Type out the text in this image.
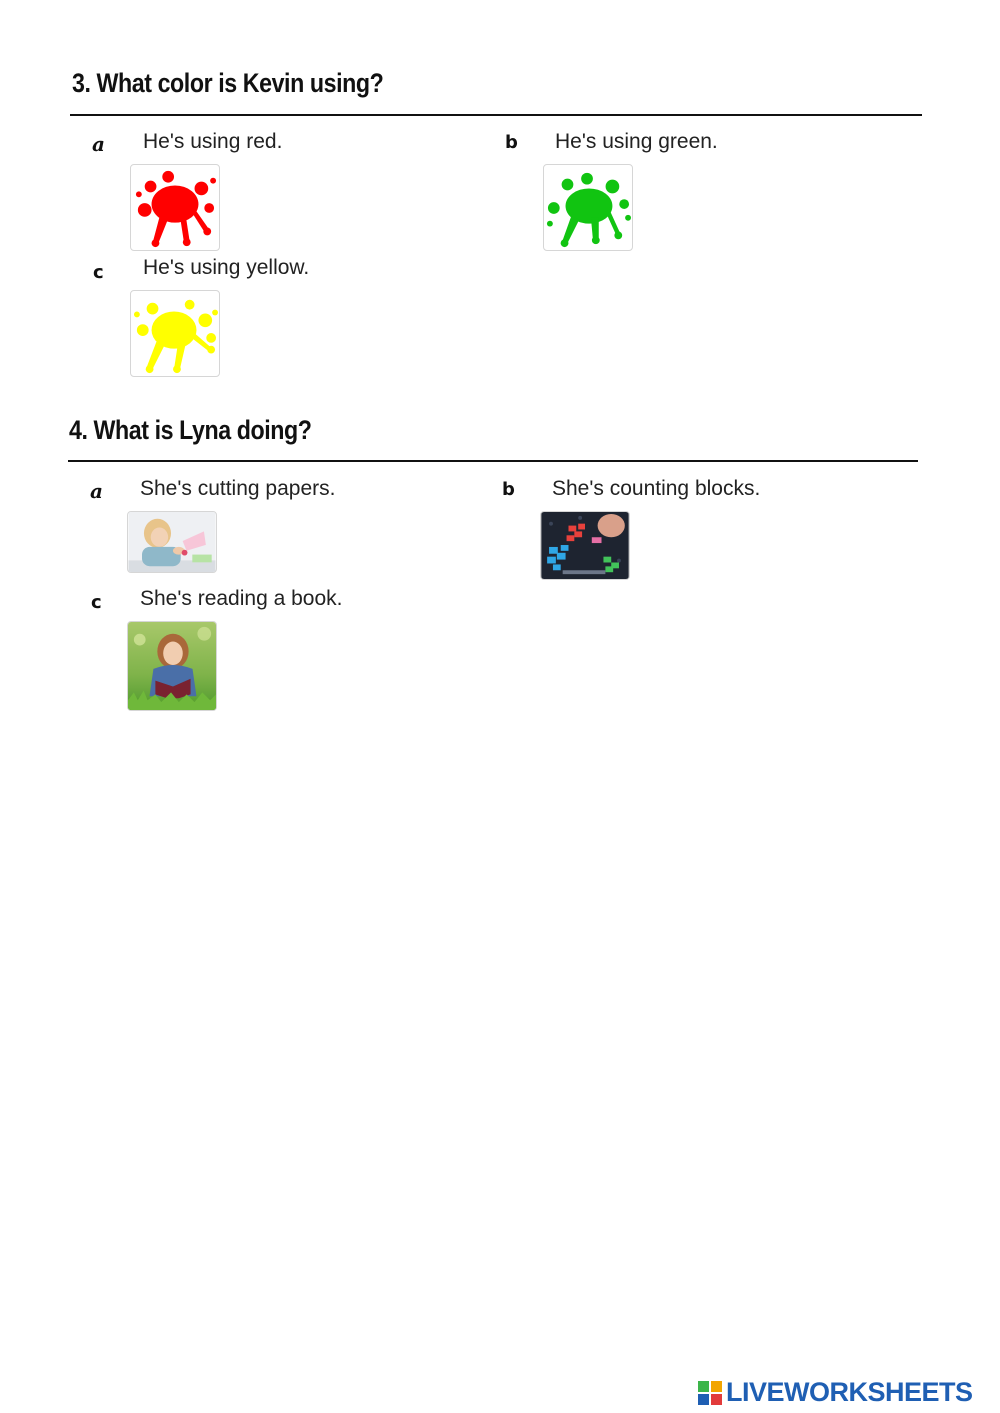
3. What color is Kevin using?
a He's using red.	b He's using green.
c He's using yellow.
4. What is Lyna doing?
a She's cutting papers.	b She's counting blocks.
c She's reading a book.
LIVEWORKSHEETS
